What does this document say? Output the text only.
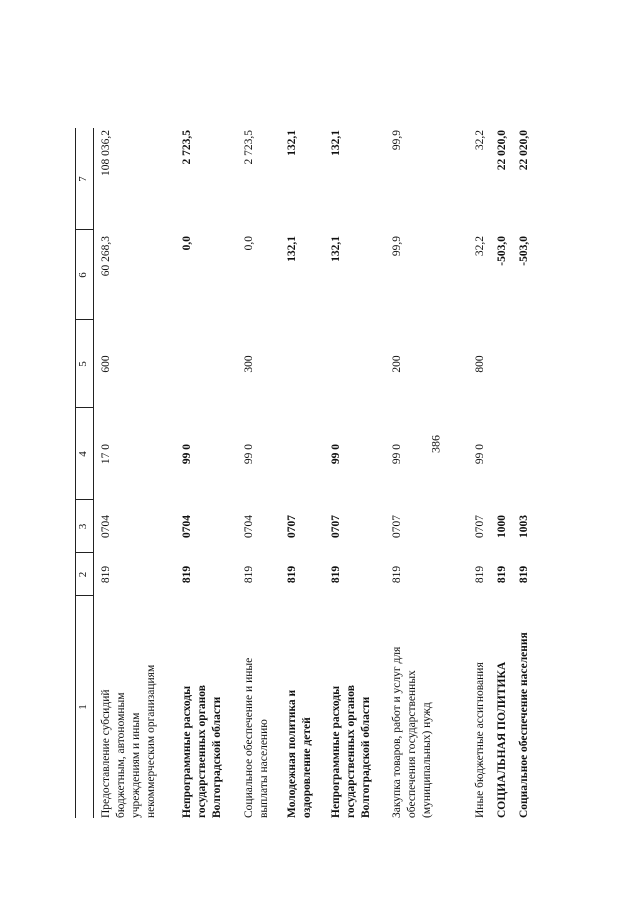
386
1
2
3
4
5
6
7
Предоставление субсидий бюджетным, автономным учреждениям и иным некоммерческим организациям
819
0704
17 0
600
60 268,3
108 036,2
Непрограммные расходы государственных органов Волгоградской области
819
0704
99 0
0,0
2 723,5
Социальное обеспечение и иные выплаты населению
819
0704
99 0
300
0,0
2 723,5
Молодежная политика и оздоровление детей
819
0707
132,1
132,1
Непрограммные расходы государственных органов Волгоградской области
819
0707
99 0
132,1
132,1
Закупка товаров, работ и услуг для обеспечения государственных (муниципальных) нужд
819
0707
99 0
200
99,9
99,9
Иные бюджетные ассигнования
819
0707
99 0
800
32,2
32,2
СОЦИАЛЬНАЯ ПОЛИТИКА
819
1000
-503,0
22 020,0
Социальное обеспечение населения
819
1003
-503,0
22 020,0
